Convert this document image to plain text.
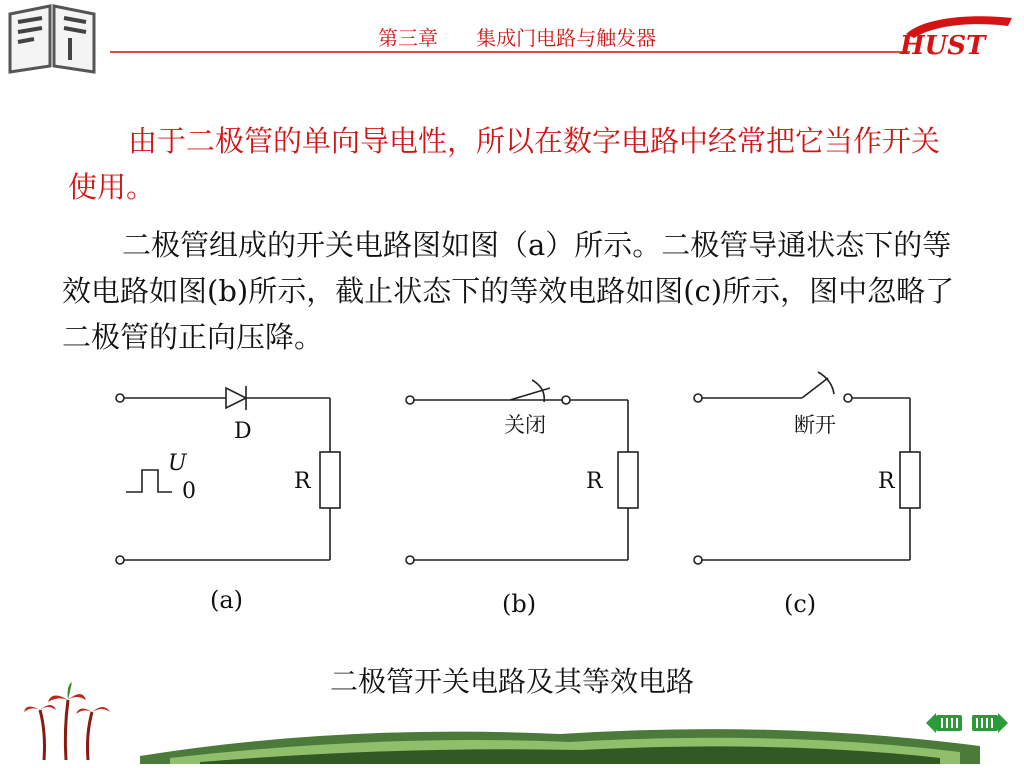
第三章 集成门电路与触发器	HUST
由于二极管的单向导电性，所以在数字电路中经常把它当作开关使用。
二极管组成的开关电路图如图（a）所示。二极管导通状态下的等效电路如图(b)所示，截止状态下的等效电路如图(c)所示，图中忽略了二极管的正向压降。
D
U
0	R
(a)
关闭
R
(b)
断开
R
(c)
二极管开关电路及其等效电路
